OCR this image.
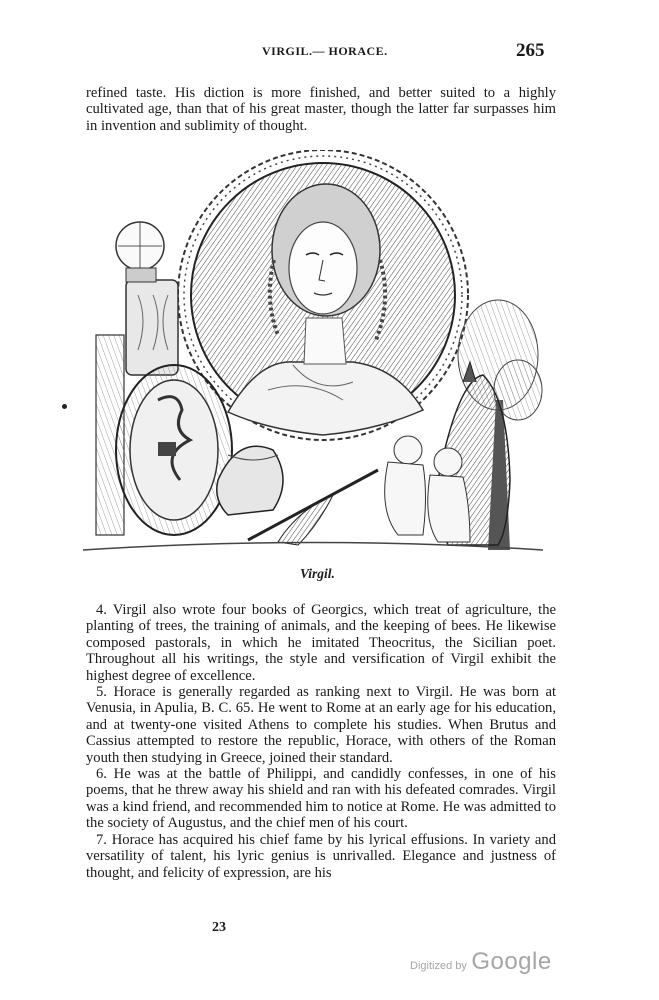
VIRGIL.— HORACE.	265

refined taste. His diction is more finished, and better suited to a highly cultivated age, than that of his great master, though the latter far surpasses him in invention and sublimity of thought.

Virgil.

4. Virgil also wrote four books of Georgics, which treat of agriculture, the planting of trees, the training of animals, and the keeping of bees. He likewise composed pastorals, in which he imitated Theocritus, the Sicilian poet. Throughout all his writings, the style and versification of Virgil exhibit the highest degree of excellence.

5. Horace is generally regarded as ranking next to Virgil. He was born at Venusia, in Apulia, B. C. 65. He went to Rome at an early age for his education, and at twenty-one visited Athens to complete his studies. When Brutus and Cassius attempted to restore the republic, Horace, with others of the Roman youth then studying in Greece, joined their standard.

6. He was at the battle of Philippi, and candidly confesses, in one of his poems, that he threw away his shield and ran with his defeated comrades. Virgil was a kind friend, and recommended him to notice at Rome. He was admitted to the society of Augustus, and the chief men of his court.

7. Horace has acquired his chief fame by his lyrical effusions. In variety and versatility of talent, his lyric genius is unrivalled. Elegance and justness of thought, and felicity of expression, are his

23
Digitized by Google
